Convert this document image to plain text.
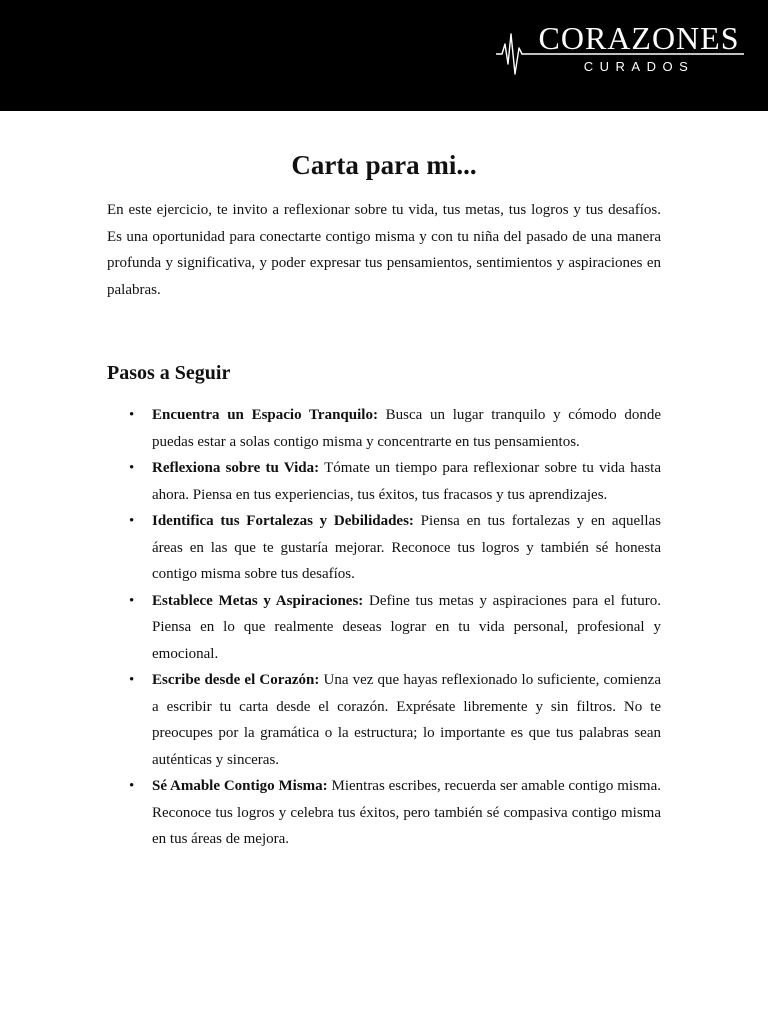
CORAZONES
CURADOS
Carta para mi...

En este ejercicio, te invito a reflexionar sobre tu vida, tus metas, tus logros y tus desafíos. Es una oportunidad para conectarte contigo misma y con tu niña del pasado de una manera profunda y significativa, y poder expresar tus pensamientos, sentimientos y aspiraciones en palabras.

Pasos a Seguir
• Encuentra un Espacio Tranquilo: Busca un lugar tranquilo y cómodo donde puedas estar a solas contigo misma y concentrarte en tus pensamientos.
• Reflexiona sobre tu Vida: Tómate un tiempo para reflexionar sobre tu vida hasta ahora. Piensa en tus experiencias, tus éxitos, tus fracasos y tus aprendizajes.
• Identifica tus Fortalezas y Debilidades: Piensa en tus fortalezas y en aquellas áreas en las que te gustaría mejorar. Reconoce tus logros y también sé honesta contigo misma sobre tus desafíos.
• Establece Metas y Aspiraciones: Define tus metas y aspiraciones para el futuro. Piensa en lo que realmente deseas lograr en tu vida personal, profesional y emocional.
• Escribe desde el Corazón: Una vez que hayas reflexionado lo suficiente, comienza a escribir tu carta desde el corazón. Exprésate libremente y sin filtros. No te preocupes por la gramática o la estructura; lo importante es que tus palabras sean auténticas y sinceras.
• Sé Amable Contigo Misma: Mientras escribes, recuerda ser amable contigo misma. Reconoce tus logros y celebra tus éxitos, pero también sé compasiva contigo misma en tus áreas de mejora.
